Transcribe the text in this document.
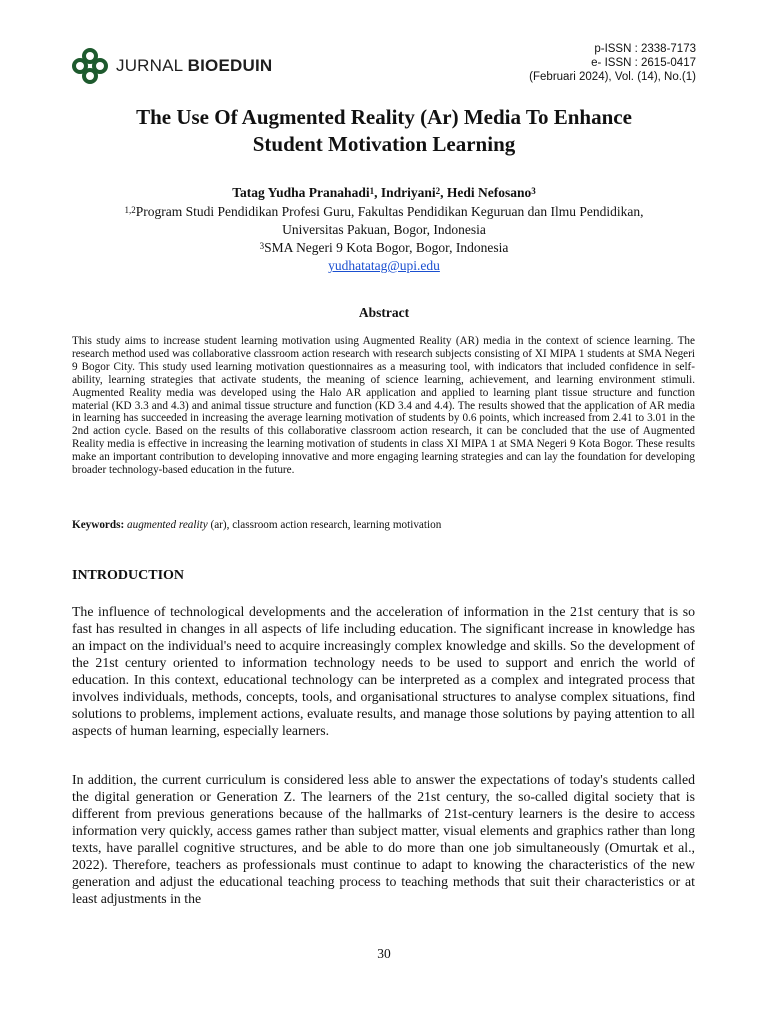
JURNAL BIOEDUIN
p-ISSN : 2338-7173
e- ISSN : 2615-0417
(Februari 2024), Vol. (14), No.(1)
The Use Of Augmented Reality (Ar) Media To Enhance
Student Motivation Learning
Tatag Yudha Pranahadi$^1$, Indriyani$^2$, Hedi Nefosano$^3$
$^{1,2}$Program Studi Pendidikan Profesi Guru, Fakultas Pendidikan Keguruan dan Ilmu Pendidikan,
Universitas Pakuan, Bogor, Indonesia
$^3$SMA Negeri 9 Kota Bogor, Bogor, Indonesia
yudhatatag@upi.edu
Abstract
This study aims to increase student learning motivation using Augmented Reality (AR) media in the context of science learning. The research method used was collaborative classroom action research with research subjects consisting of XI MIPA 1 students at SMA Negeri 9 Bogor City. This study used learning motivation questionnaires as a measuring tool, with indicators that included confidence in self-ability, learning strategies that activate students, the meaning of science learning, achievement, and learning environment stimuli. Augmented Reality media was developed using the Halo AR application and applied to learning plant tissue structure and function material (KD 3.3 and 4.3) and animal tissue structure and function (KD 3.4 and 4.4). The results showed that the application of AR media in learning has succeeded in increasing the average learning motivation of students by 0.6 points, which increased from 2.41 to 3.01 in the 2nd action cycle. Based on the results of this collaborative classroom action research, it can be concluded that the use of Augmented Reality media is effective in increasing the learning motivation of students in class XI MIPA 1 at SMA Negeri 9 Kota Bogor. These results make an important contribution to developing innovative and more engaging learning strategies and can lay the foundation for developing broader technology-based education in the future.
Keywords: augmented reality (ar), classroom action research, learning motivation
INTRODUCTION
The influence of technological developments and the acceleration of information in the 21st century that is so fast has resulted in changes in all aspects of life including education. The significant increase in knowledge has an impact on the individual's need to acquire increasingly complex knowledge and skills. So the development of the 21st century oriented to information technology needs to be used to support and enrich the world of education. In this context, educational technology can be interpreted as a complex and integrated process that involves individuals, methods, concepts, tools, and organisational structures to analyse complex situations, find solutions to problems, implement actions, evaluate results, and manage those solutions by paying attention to all aspects of human learning, especially learners.
In addition, the current curriculum is considered less able to answer the expectations of today's students called the digital generation or Generation Z. The learners of the 21st century, the so-called digital society that is different from previous generations because of the hallmarks of 21st-century learners is the desire to access information very quickly, access games rather than subject matter, visual elements and graphics rather than long texts, have parallel cognitive structures, and be able to do more than one job simultaneously (Omurtak et al., 2022). Therefore, teachers as professionals must continue to adapt to knowing the characteristics of the new generation and adjust the educational teaching process to teaching methods that suit their characteristics or at least adjustments in the
30
